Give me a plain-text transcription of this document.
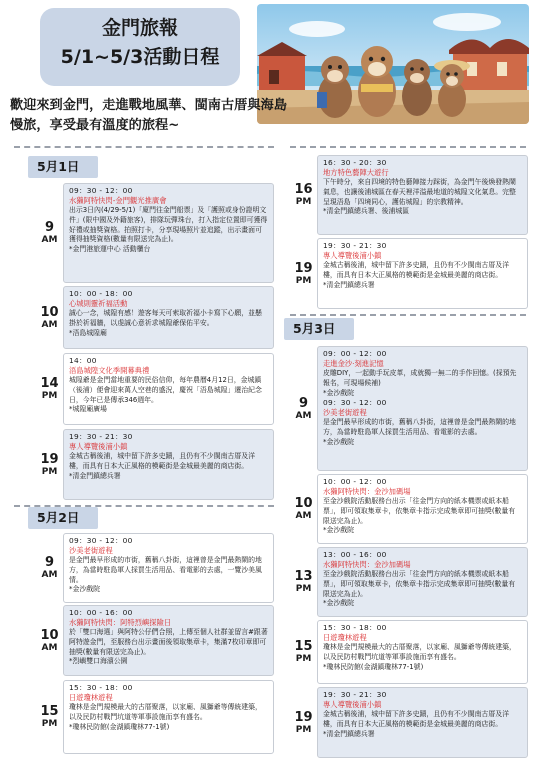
金門旅報
5/1~5/3活動日程
歡迎來到金門，走進戰地風華、閩南古厝與海島慢旅，享受最有溫度的旅程~
5月1日
9
AM
09：30 - 12：00
水獺阿特快閃-金門觀光推廣會
出示3日內(4/29-5/1)「廈門往金門船票」及「護照或身份證明文件」(限中國及外籍旅客)，排隊玩彈珠台，打入指定位置即可獲得好禮或抽獎資格。拍照打卡，分享現場照片並追蹤，出示畫面可獲得抽獎資格(數量有限送完為止)。
*金門港旅運中心 活動櫃台
10
AM
10：00 - 18：00
心城則靈祈福活動
誠心一念，城隍有感！遊客每天可索取祈福小卡寫下心願，並懸掛於祈福牆，以虔誠心意祈求城隍爺保佑平安。
*浯島城隍廟
14
PM
14：00
浯島城隍文化季開幕典禮
城隍爺是金門當地重要的民俗信仰，每年農曆4月12日，金城鎮（後浦）便會迎來萬人空巷的盛況，慶祝「浯島城隍」遷治紀念日，今年已是傳承346週年。
*城隍廟廣場
19
PM
19：30 - 21：30
專人導覽後浦小鎮
金城古稱後浦，城中留下許多史蹟，且仍有不少閩南古厝及洋樓，而具有日本大正風格的模範街是金城最美麗的商店街。
*清金門鎮總兵署
5月2日
9
AM
09：30 - 12：00
沙美老街遊程
是金門最早形成的市街，舊稱八卦街，這裡曾是金門最熱鬧的地方，為當時駐島軍人採買生活用品、看電影的去處，一覽沙美風情。
*金沙戲院
10
AM
10：00 - 16：00
水獺阿特快閃：阿特烈嶼探險日
於「雙口海選」與阿特公仔們合照，上傳至個人社群並留言#跟著阿特遊金門，至服務台出示畫面後領取集章卡，集滿7枚印章即可抽獎(數量有限送完為止)。
*烈嶼雙口海濱公園
15
PM
15：30 - 18：00
日遊瓊林遊程
瓊林是金門規模最大的古厝聚落，以家廟、風獅爺等傳統建築，以及民防村戰鬥坑道等軍事設施而享有盛名。
*瓊林民防館(金湖鎮瓊林77-1號)
16
PM
16：30 - 20：30
地方特色藝陣大遊行
下午時分，來自四境的特色藝陣接力踩街，為金門午後煥發熱鬧氣息，也讓後浦城區在春天裡洋溢最地道的城隍文化氣息。完整呈現浯島「四境同心，護佑城隍」的宗教精神。
*清金門鎮總兵署、後浦城區
19
PM
19：30 - 21：30
專人導覽後浦小鎮
金城古稱後浦，城中留下許多史蹟，且仍有不少閩南古厝及洋樓，而具有日本大正風格的模範街是金城最美麗的商店街。
*清金門鎮總兵署
5月3日
9
AM
09：00 - 12：00
走進金沙·刻進記憶
皮雕DIY，一起動手玩皮革，成就獨一無二的手作回憶。(採預先報名，可現場候補)
*金沙戲院
09：30 - 12：00
沙美老街遊程
是金門最早形成的市街，舊稱八卦街，這裡曾是金門最熱鬧的地方，為當時駐島軍人採買生活用品、看電影的去處。
*金沙戲院
10
AM
10：00 - 12：00
水獺阿特快閃：金沙加碼場
至金沙戲院活動服務台出示「往金門方向的紙本機票或紙本船票」，即可領取集章卡，依集章卡指示完成集章即可抽獎(數量有限送完為止)。
*金沙戲院
13
PM
13：00 - 16：00
水獺阿特快閃：金沙加碼場
至金沙戲院活動服務台出示「往金門方向的紙本機票或紙本船票」，即可領取集章卡，依集章卡指示完成集章即可抽獎(數量有限送完為止)。
*金沙戲院
15
PM
15：30 - 18：00
日遊瓊林遊程
瓊林是金門規模最大的古厝聚落，以家廟、風獅爺等傳統建築，以及民防村戰鬥坑道等軍事設施而享有盛名。
*瓊林民防館(金湖鎮瓊林77-1號)
19
PM
19：30 - 21：30
專人導覽後浦小鎮
金城古稱後浦，城中留下許多史蹟，且仍有不少閩南古厝及洋樓，而具有日本大正風格的模範街是金城最美麗的商店街。
*清金門鎮總兵署
